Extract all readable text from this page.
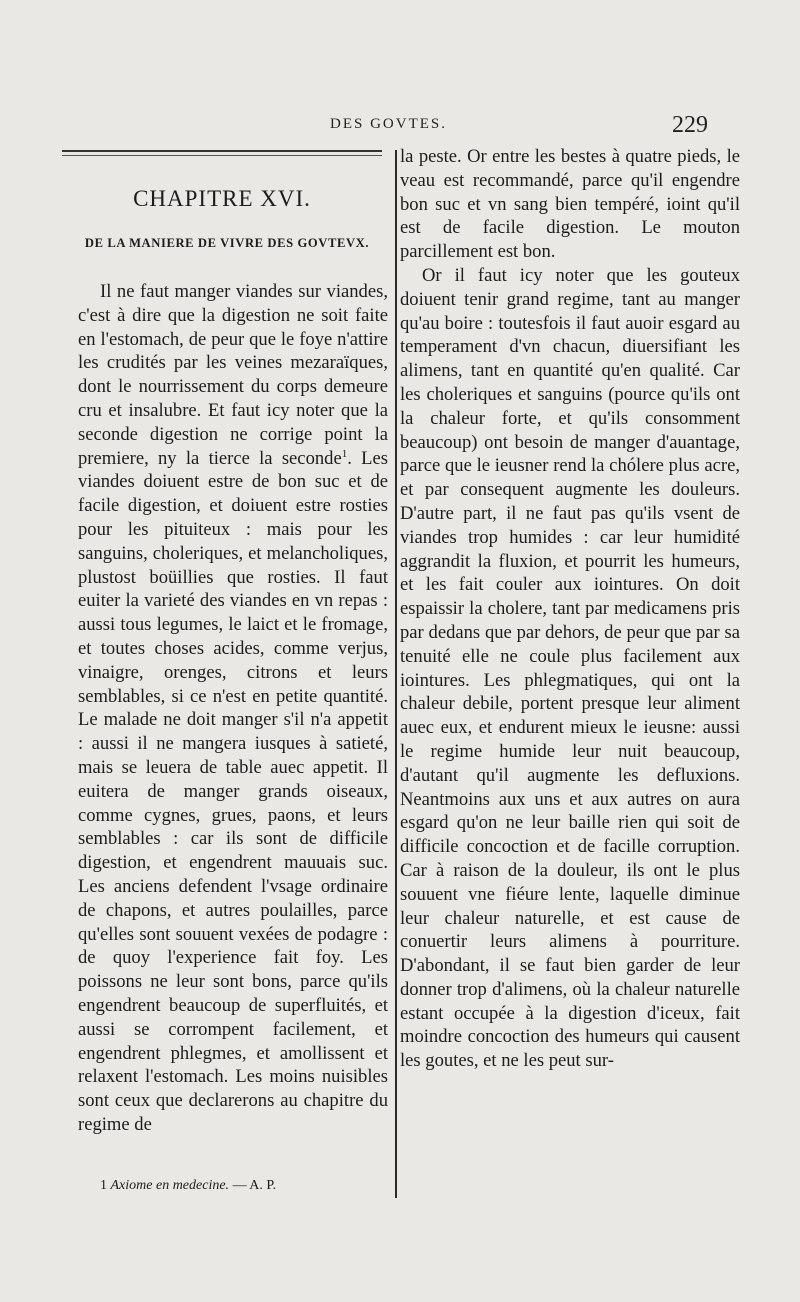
DES GOVTES.	229
CHAPITRE XVI.
DE LA MANIERE DE VIVRE DES GOVTEVX.

Il ne faut manger viandes sur viandes, c'est à dire que la digestion ne soit faite en l'estomach, de peur que le foye n'attire les crudités par les veines mezaraïques, dont le nourrissement du corps demeure cru et insalubre. Et faut icy noter que la seconde digestion ne corrige point la premiere, ny la tierce la seconde$^1$. Les viandes doiuent estre de bon suc et de facile digestion, et doiuent estre rosties pour les pituiteux : mais pour les sanguins, choleriques, et melancholiques, plustost boüillies que rosties. Il faut euiter la varieté des viandes en vn repas : aussi tous legumes, le laict et le fromage, et toutes choses acides, comme verjus, vinaigre, orenges, citrons et leurs semblables, si ce n'est en petite quantité. Le malade ne doit manger s'il n'a appetit : aussi il ne mangera iusques à satieté, mais se leuera de table auec appetit. Il euitera de manger grands oiseaux, comme cygnes, grues, paons, et leurs semblables : car ils sont de difficile digestion, et engendrent mauuais suc. Les anciens defendent l'vsage ordinaire de chapons, et autres poulailles, parce qu'elles sont souuent vexées de podagre : de quoy l'experience fait foy. Les poissons ne leur sont bons, parce qu'ils engendrent beaucoup de superfluités, et aussi se corrompent facilement, et engendrent phlegmes, et amollissent et relaxent l'estomach. Les moins nuisibles sont ceux que declarerons au chapitre du regime de

la peste. Or entre les bestes à quatre pieds, le veau est recommandé, parce qu'il engendre bon suc et vn sang bien tempéré, ioint qu'il est de facile digestion. Le mouton parcillement est bon.

Or il faut icy noter que les gouteux doiuent tenir grand regime, tant au manger qu'au boire : toutesfois il faut auoir esgard au temperament d'vn chacun, diuersifiant les alimens, tant en quantité qu'en qualité. Car les choleriques et sanguins (pource qu'ils ont la chaleur forte, et qu'ils consomment beaucoup) ont besoin de manger d'auantage, parce que le ieusner rend la chólere plus acre, et par consequent augmente les douleurs. D'autre part, il ne faut pas qu'ils vsent de viandes trop humides : car leur humidité aggrandit la fluxion, et pourrit les humeurs, et les fait couler aux iointures. On doit espaissir la cholere, tant par medicamens pris par dedans que par dehors, de peur que par sa tenuité elle ne coule plus facilement aux iointures. Les phlegmatiques, qui ont la chaleur debile, portent presque leur aliment auec eux, et endurent mieux le ieusne: aussi le regime humide leur nuit beaucoup, d'autant qu'il augmente les defluxions. Neantmoins aux uns et aux autres on aura esgard qu'on ne leur baille rien qui soit de difficile concoction et de facille corruption. Car à raison de la douleur, ils ont le plus souuent vne fiéure lente, laquelle diminue leur chaleur naturelle, et est cause de conuertir leurs alimens à pourriture. D'abondant, il se faut bien garder de leur donner trop d'alimens, où la chaleur naturelle estant occupée à la digestion d'iceux, fait moindre concoction des humeurs qui causent les goutes, et ne les peut sur-

1 Axiome en medecine. — A. P.
